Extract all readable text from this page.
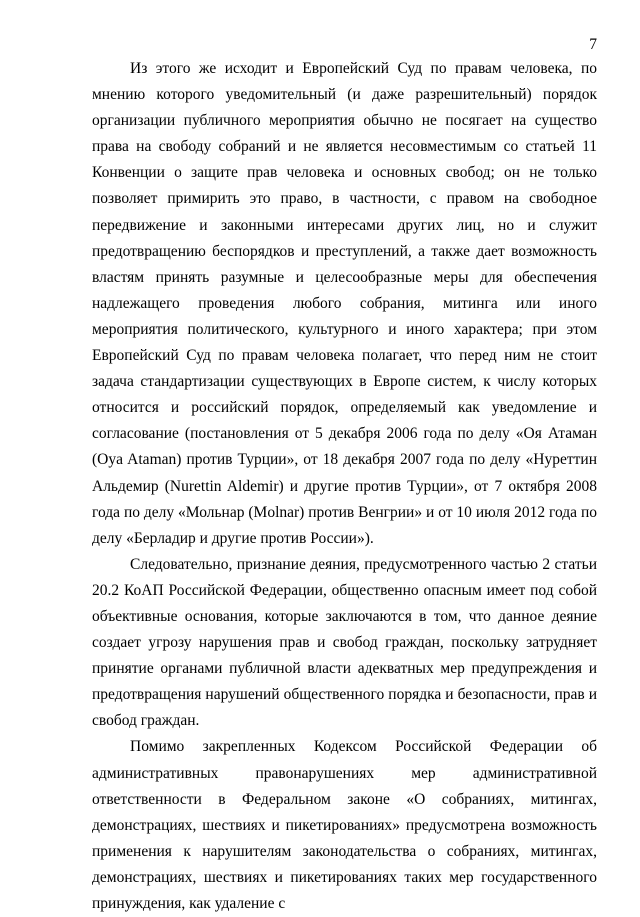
7

Из этого же исходит и Европейский Суд по правам человека, по мнению которого уведомительный (и даже разрешительный) порядок организации публичного мероприятия обычно не посягает на существо права на свободу собраний и не является несовместимым со статьей 11 Конвенции о защите прав человека и основных свобод; он не только позволяет примирить это право, в частности, с правом на свободное передвижение и законными интересами других лиц, но и служит предотвращению беспорядков и преступлений, а также дает возможность властям принять разумные и целесообразные меры для обеспечения надлежащего проведения любого собрания, митинга или иного мероприятия политического, культурного и иного характера; при этом Европейский Суд по правам человека полагает, что перед ним не стоит задача стандартизации существующих в Европе систем, к числу которых относится и российский порядок, определяемый как уведомление и согласование (постановления от 5 декабря 2006 года по делу «Оя Атаман (Oya Ataman) против Турции», от 18 декабря 2007 года по делу «Нуреттин Альдемир (Nurettin Aldemir) и другие против Турции», от 7 октября 2008 года по делу «Мольнар (Molnar) против Венгрии» и от 10 июля 2012 года по делу «Берладир и другие против России»).

Следовательно, признание деяния, предусмотренного частью 2 статьи 20.2 КоАП Российской Федерации, общественно опасным имеет под собой объективные основания, которые заключаются в том, что данное деяние создает угрозу нарушения прав и свобод граждан, поскольку затрудняет принятие органами публичной власти адекватных мер предупреждения и предотвращения нарушений общественного порядка и безопасности, прав и свобод граждан.

Помимо закрепленных Кодексом Российской Федерации об административных правонарушениях мер административной ответственности в Федеральном законе «О собраниях, митингах, демонстрациях, шествиях и пикетированиях» предусмотрена возможность применения к нарушителям законодательства о собраниях, митингах, демонстрациях, шествиях и пикетированиях таких мер государственного принуждения, как удаление с
